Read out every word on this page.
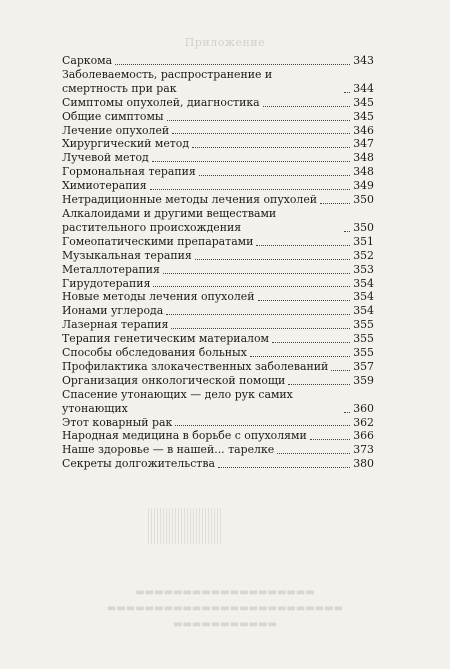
Приложение
Саркома	343
Заболеваемость, распространение и смертность при рак	344
Симптомы опухолей, диагностика	345
Общие симптомы	345
Лечение опухолей	346
Хирургический метод	347
Лучевой метод	348
Гормональная терапия	348
Химиотерапия	349
Нетрадиционные методы лечения опухолей	350
Алкалоидами и другими веществами растительного происхождения	350
Гомеопатическими препаратами	351
Музыкальная терапия	352
Металлотерапия	353
Гирудотерапия	354
Новые методы лечения опухолей	354
Ионами углерода	354
Лазерная терапия	355
Терапия генетическим материалом	355
Способы обследования больных	355
Профилактика злокачественных заболеваний 357
Организация онкологической помощи	359
Спасение утонающих — дело рук самих утонающих	360
Этот коварный рак	362
Народная медицина в борьбе с опухолями	366
Наше здоровье — в нашей... тарелке	373
Секреты долгожительства	380
▬▬▬▬▬▬▬▬▬▬▬▬▬▬▬▬▬▬▬
▬▬▬▬▬▬▬▬▬▬▬▬▬▬▬▬▬▬▬▬▬▬▬▬▬
▬▬▬▬▬▬▬▬▬▬▬
